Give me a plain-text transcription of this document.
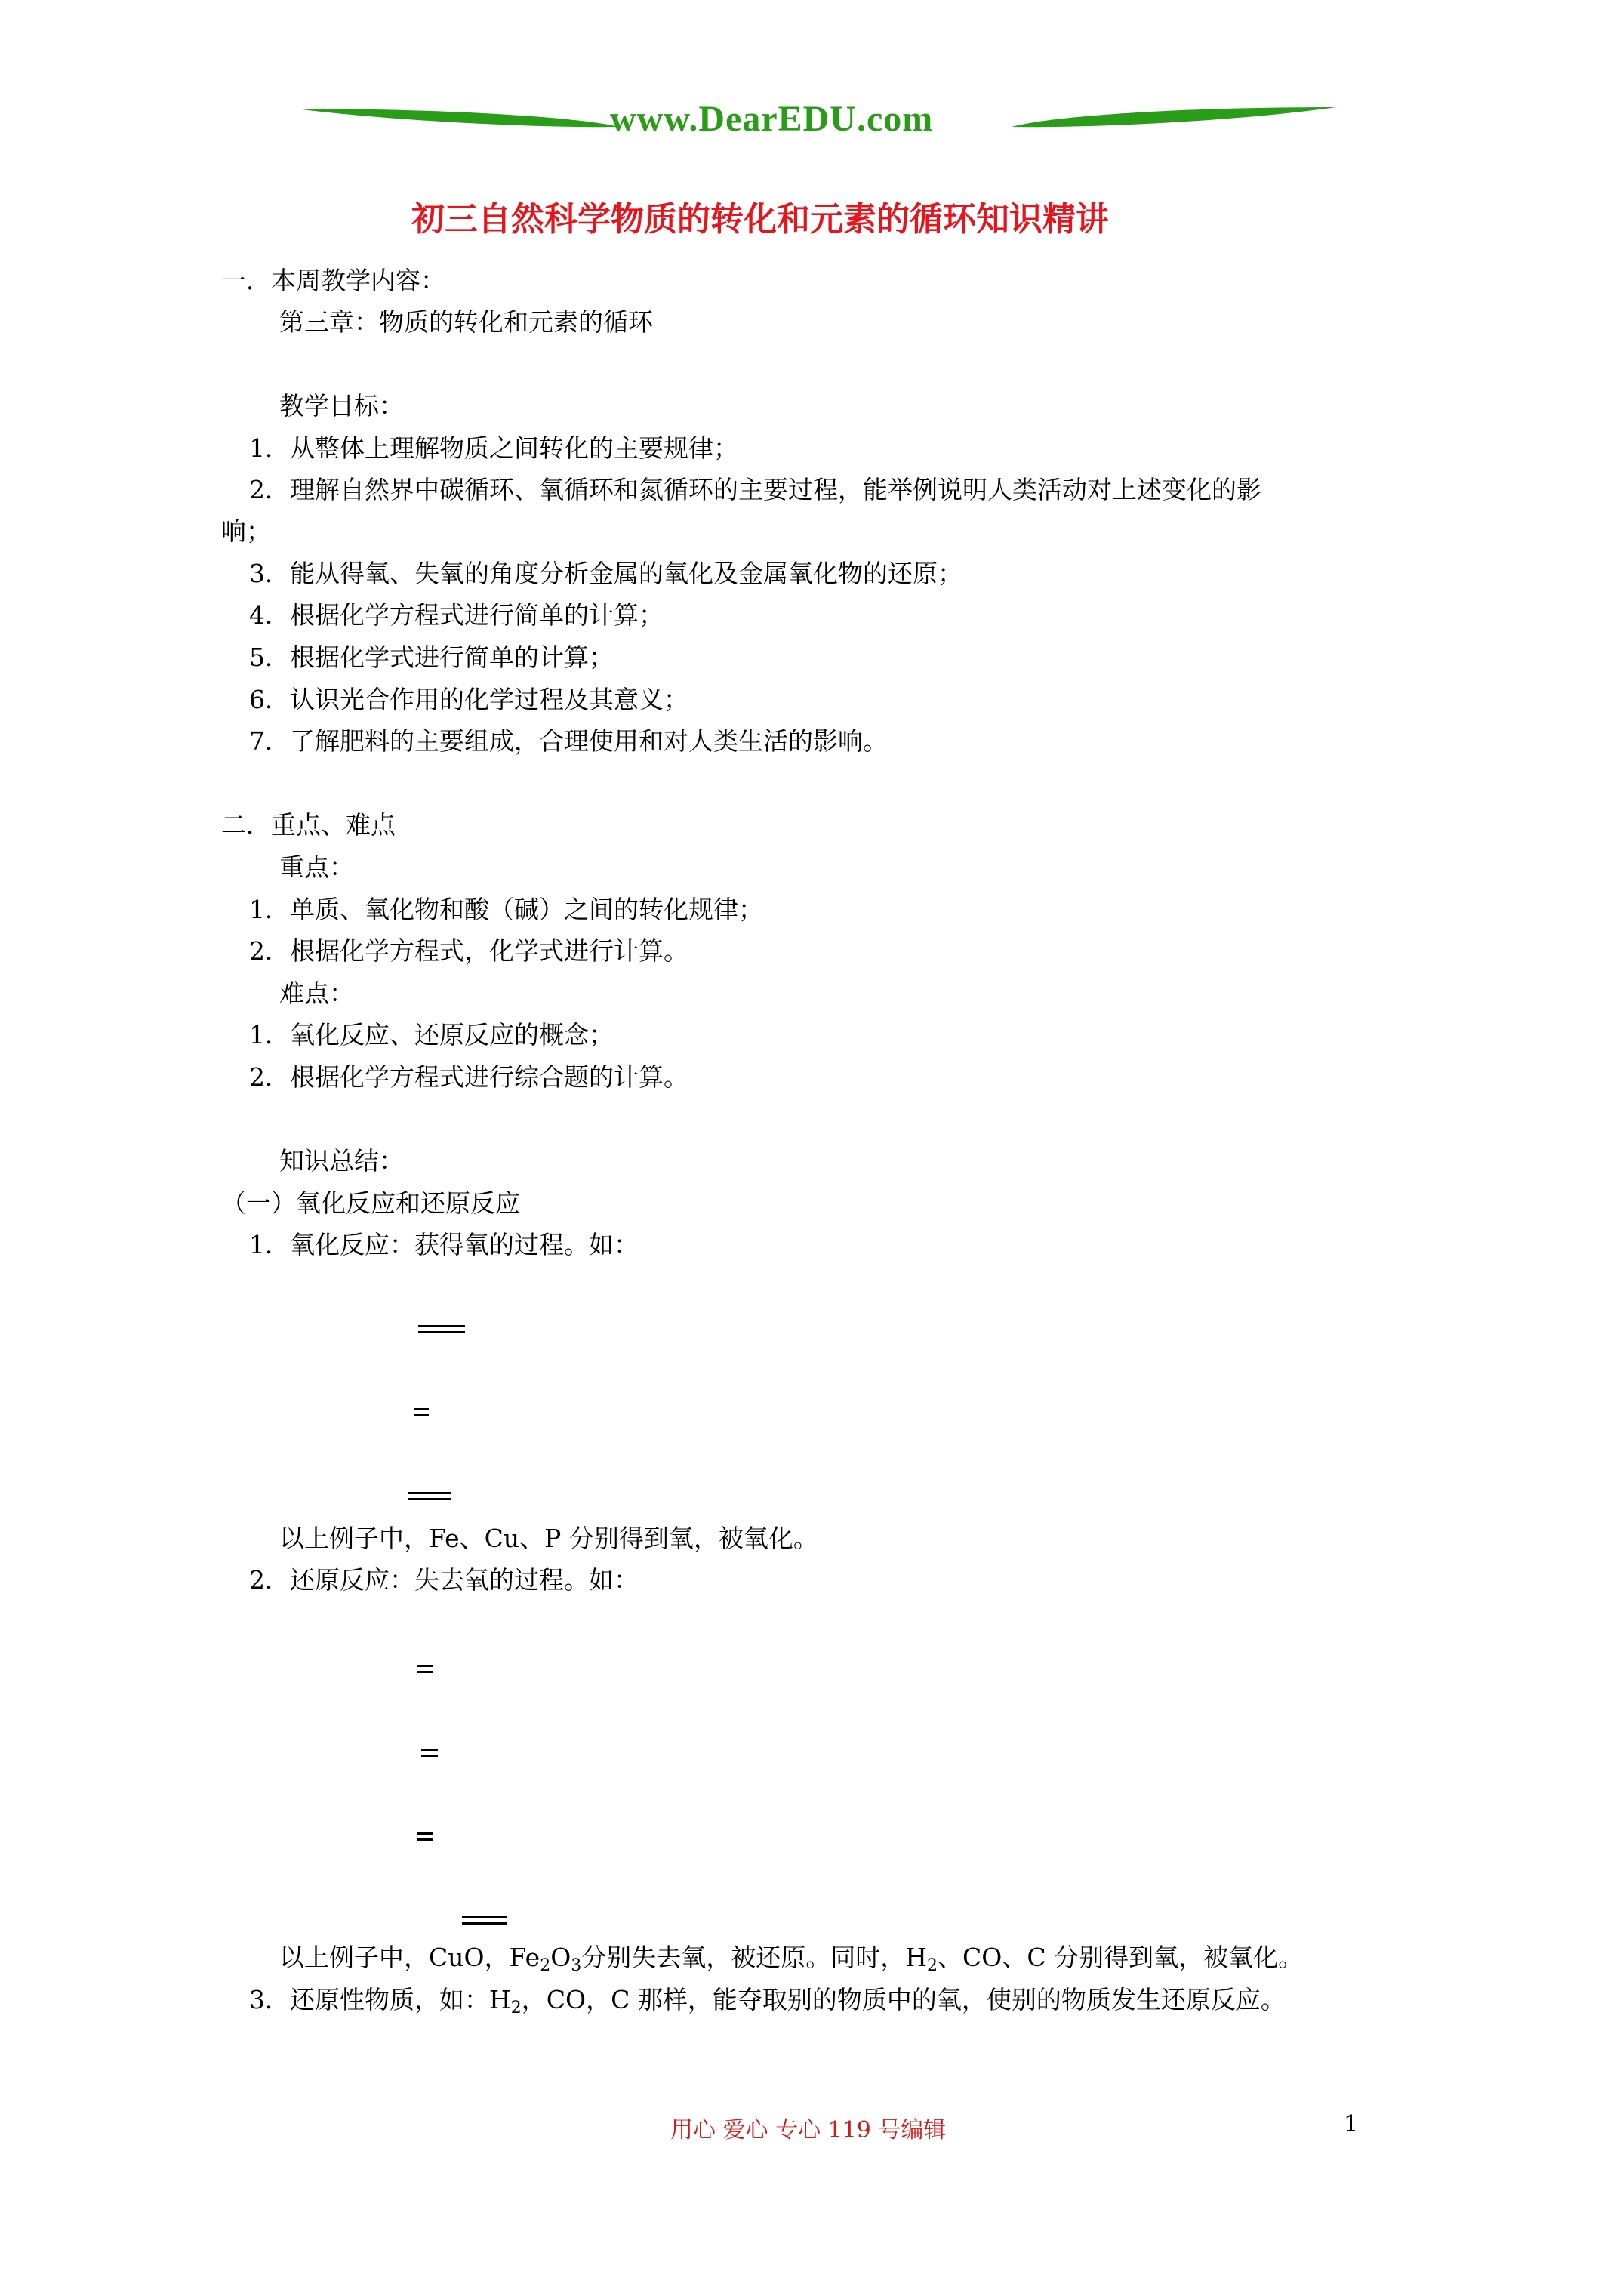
www.DearEDU.com
初三自然科学物质的转化和元素的循环知识精讲
一．本周教学内容：
第三章：物质的转化和元素的循环
教学目标：
1．从整体上理解物质之间转化的主要规律；
2．理解自然界中碳循环、氧循环和氮循环的主要过程，能举例说明人类活动对上述变化的影
响；
3．能从得氧、失氧的角度分析金属的氧化及金属氧化物的还原；
4．根据化学方程式进行简单的计算；
5．根据化学式进行简单的计算；
6．认识光合作用的化学过程及其意义；
7．了解肥料的主要组成，合理使用和对人类生活的影响。
二．重点、难点
重点：
1．单质、氧化物和酸（碱）之间的转化规律；
2．根据化学方程式，化学式进行计算。
难点：
1．氧化反应、还原反应的概念；
2．根据化学方程式进行综合题的计算。
知识总结：
（一）氧化反应和还原反应
1．氧化反应：获得氧的过程。如：
以上例子中，Fe、Cu、P 分别得到氧，被氧化。
2．还原反应：失去氧的过程。如：
以上例子中，CuO，$Fe_2O_3$分别失去氧，被还原。同时，$H_2$、CO、C 分别得到氧，被氧化。
3．还原性物质，如：$H_2$，CO，C 那样，能夺取别的物质中的氧，使别的物质发生还原反应。
用心 爱心 专心 119 号编辑	1
